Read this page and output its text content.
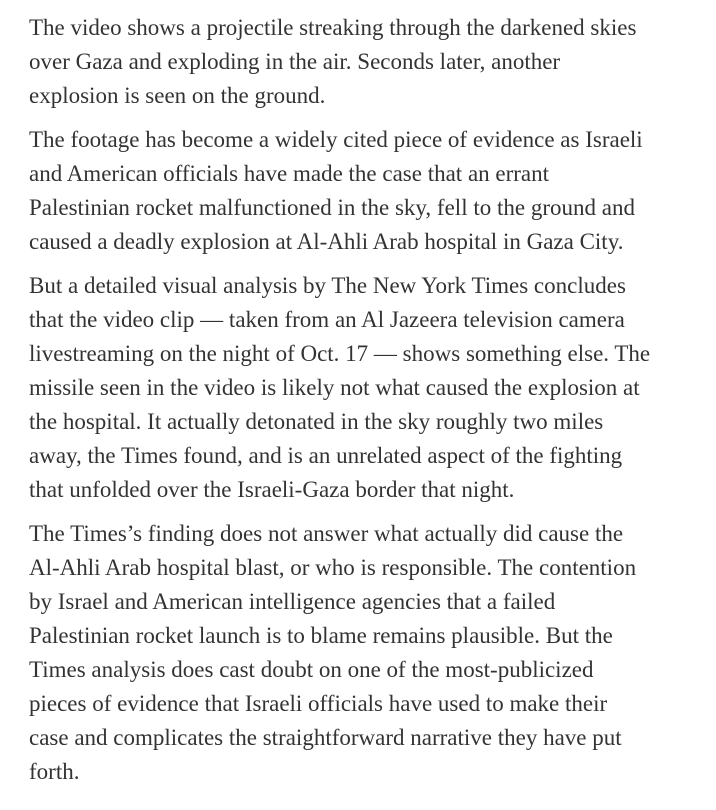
The video shows a projectile streaking through the darkened skies
over Gaza and exploding in the air. Seconds later, another
explosion is seen on the ground.

The footage has become a widely cited piece of evidence as Israeli
and American officials have made the case that an errant
Palestinian rocket malfunctioned in the sky, fell to the ground and
caused a deadly explosion at Al-Ahli Arab hospital in Gaza City.

But a detailed visual analysis by The New York Times concludes
that the video clip — taken from an Al Jazeera television camera
livestreaming on the night of Oct. 17 — shows something else. The
missile seen in the video is likely not what caused the explosion at
the hospital. It actually detonated in the sky roughly two miles
away, the Times found, and is an unrelated aspect of the fighting
that unfolded over the Israeli-Gaza border that night.

The Times’s finding does not answer what actually did cause the
Al-Ahli Arab hospital blast, or who is responsible. The contention
by Israel and American intelligence agencies that a failed
Palestinian rocket launch is to blame remains plausible. But the
Times analysis does cast doubt on one of the most-publicized
pieces of evidence that Israeli officials have used to make their
case and complicates the straightforward narrative they have put
forth.
